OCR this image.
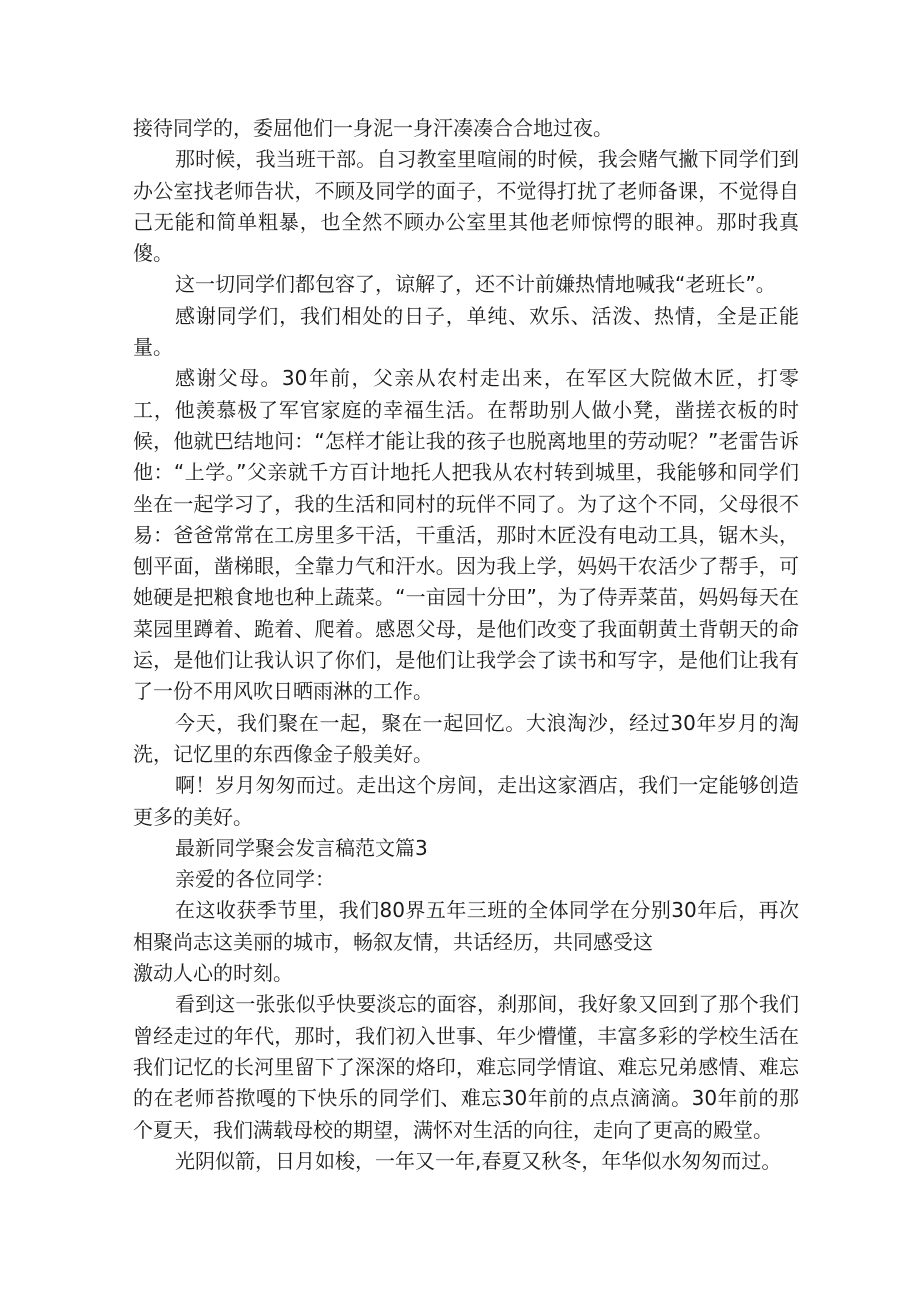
接待同学的，委屈他们一身泥一身汗凑凑合合地过夜。

那时候，我当班干部。自习教室里喧闹的时候，我会赌气撇下同学们到办公室找老师告状，不顾及同学的面子，不觉得打扰了老师备课，不觉得自己无能和简单粗暴，也全然不顾办公室里其他老师惊愕的眼神。那时我真傻。

这一切同学们都包容了，谅解了，还不计前嫌热情地喊我“老班长”。

感谢同学们，我们相处的日子，单纯、欢乐、活泼、热情，全是正能量。

感谢父母。30年前，父亲从农村走出来，在军区大院做木匠，打零工，他羡慕极了军官家庭的幸福生活。在帮助别人做小凳，凿搓衣板的时候，他就巴结地问：“怎样才能让我的孩子也脱离地里的劳动呢？”老雷告诉他：“上学。”父亲就千方百计地托人把我从农村转到城里，我能够和同学们坐在一起学习了，我的生活和同村的玩伴不同了。为了这个不同，父母很不易：爸爸常常在工房里多干活，干重活，那时木匠没有电动工具，锯木头，刨平面，凿梯眼，全靠力气和汗水。因为我上学，妈妈干农活少了帮手，可她硬是把粮食地也种上蔬菜。“一亩园十分田”，为了侍弄菜苗，妈妈每天在菜园里蹲着、跪着、爬着。感恩父母，是他们改变了我面朝黄土背朝天的命运，是他们让我认识了你们，是他们让我学会了读书和写字，是他们让我有了一份不用风吹日晒雨淋的工作。

今天，我们聚在一起，聚在一起回忆。大浪淘沙，经过30年岁月的淘洗，记忆里的东西像金子般美好。

啊！岁月匆匆而过。走出这个房间，走出这家酒店，我们一定能够创造更多的美好。

最新同学聚会发言稿范文篇3

亲爱的各位同学：

在这收获季节里，我们80界五年三班的全体同学在分别30年后，再次相聚尚志这美丽的城市，畅叙友情，共话经历，共同感受这

激动人心的时刻。

看到这一张张似乎快要淡忘的面容，刹那间，我好象又回到了那个我们曾经走过的年代，那时，我们初入世事、年少懵懂，丰富多彩的学校生活在我们记忆的长河里留下了深深的烙印，难忘同学情谊、难忘兄弟感情、难忘的在老师苔揿嘎的下快乐的同学们、难忘30年前的点点滴滴。30年前的那个夏天，我们满载母校的期望，满怀对生活的向往，走向了更高的殿堂。

光阴似箭，日月如梭，一年又一年,春夏又秋冬，年华似水匆匆而过。
